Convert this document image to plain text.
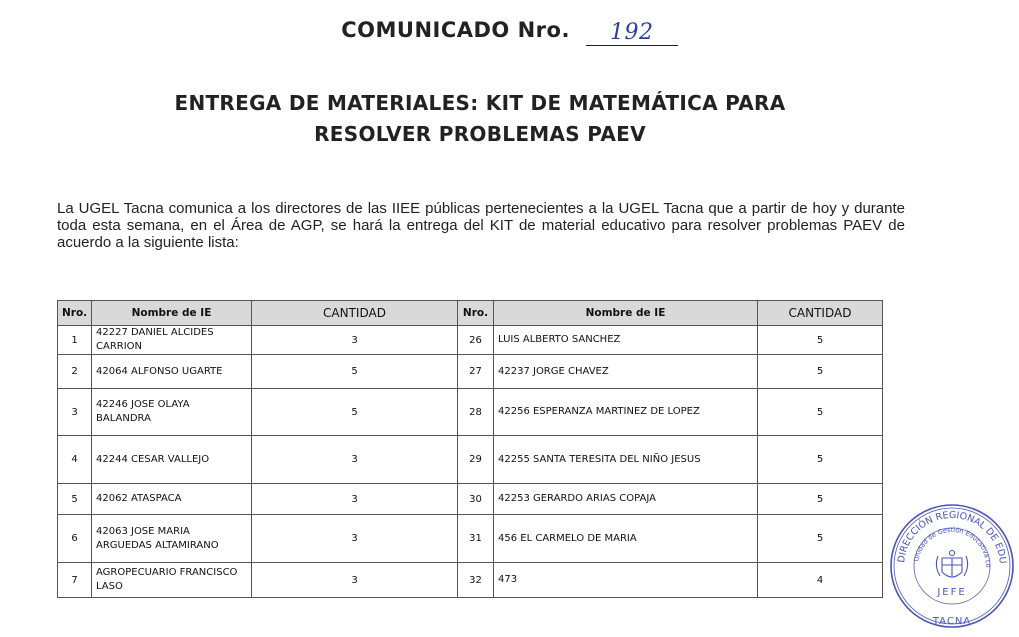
COMUNICADO Nro. 192
ENTREGA DE MATERIALES: KIT DE MATEMÁTICA PARA
RESOLVER PROBLEMAS PAEV
La UGEL Tacna comunica a los directores de las IIEE públicas pertenecientes a la UGEL Tacna que a partir de hoy y durante toda esta semana, en el Área de AGP, se hará la entrega del KIT de material educativo para resolver problemas PAEV de acuerdo a la siguiente lista:
Nro.	Nombre de IE	CANTIDAD	Nro.	Nombre de IE	CANTIDAD
1	42227 DANIEL ALCIDES CARRION	3	26	LUIS ALBERTO SANCHEZ	5
2	42064 ALFONSO UGARTE	5	27	42237 JORGE CHAVEZ	5
3	42246 JOSE OLAYA BALANDRA	5	28	42256 ESPERANZA MARTINEZ DE LOPEZ	5
4	42244 CESAR VALLEJO	3	29	42255 SANTA TERESITA DEL NIÑO JESUS	5
5	42062 ATASPACA	3	30	42253 GERARDO ARIAS COPAJA	5
6	42063 JOSE MARIA ARGUEDAS ALTAMIRANO	3	31	456 EL CARMELO DE MARIA	5
7	AGROPECUARIO FRANCISCO LASO	3	32	473	4
DIRECCIÓN REGIONAL DE EDU
Unidad de Gestión Educativa Lo
JEFE
TACNA
